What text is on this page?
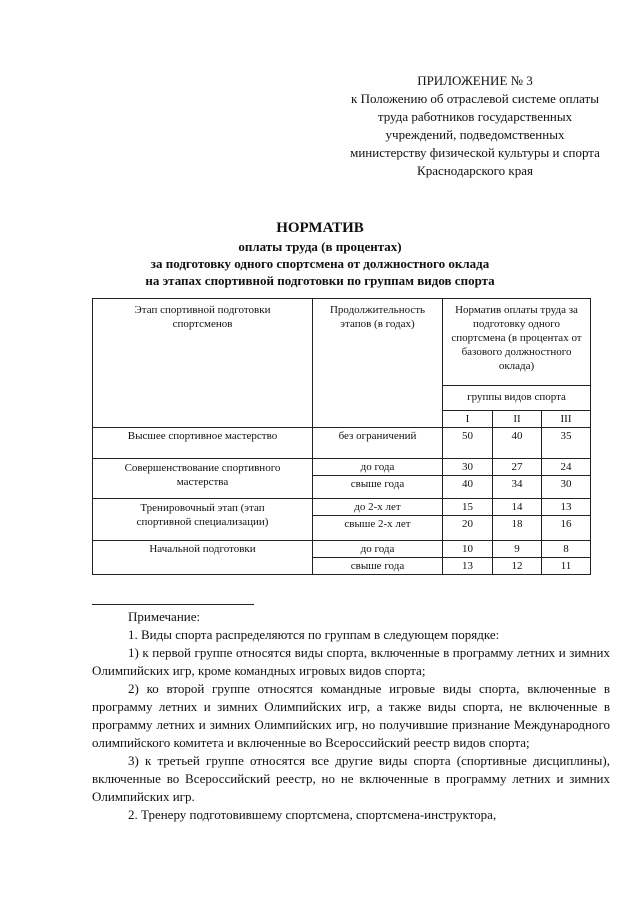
ПРИЛОЖЕНИЕ № 3
к Положению об отраслевой системе оплаты
труда работников государственных
учреждений, подведомственных
министерству физической культуры и спорта
Краснодарского края
НОРМАТИВ
оплаты труда (в процентах)
за подготовку одного спортсмена от должностного оклада
на этапах спортивной подготовки по группам видов спорта
Этап спортивной подготовки спортсменов	Продолжительность этапов (в годах)	Норматив оплаты труда за подготовку одного спортсмена (в процентах от базового должностного оклада)		
		группы видов спорта		
		I	II	III
Высшее спортивное мастерство	без ограничений	50	40	35
Совершенствование спортивного мастерства	до года	30	27	24
	свыше года	40	34	30
Тренировочный этап (этап спортивной специализации)	до 2-х лет	15	14	13
	свыше 2-х лет	20	18	16
Начальной подготовки	до года	10	9	8
	свыше года	13	12	11

Примечание:

1. Виды спорта распределяются по группам в следующем порядке:

1) к первой группе относятся виды спорта, включенные в программу летних и зимних Олимпийских игр, кроме командных игровых видов спорта;

2) ко второй группе относятся командные игровые виды спорта, включенные в программу летних и зимних Олимпийских игр, а также виды спорта, не включенные в программу летних и зимних Олимпийских игр, но получившие признание Международного олимпийского комитета и включенные во Всероссийский реестр видов спорта;

3) к третьей группе относятся все другие виды спорта (спортивные дисциплины), включенные во Всероссийский реестр, но не включенные в программу летних и зимних Олимпийских игр.

2. Тренеру подготовившему спортсмена, спортсмена-инструктора,
